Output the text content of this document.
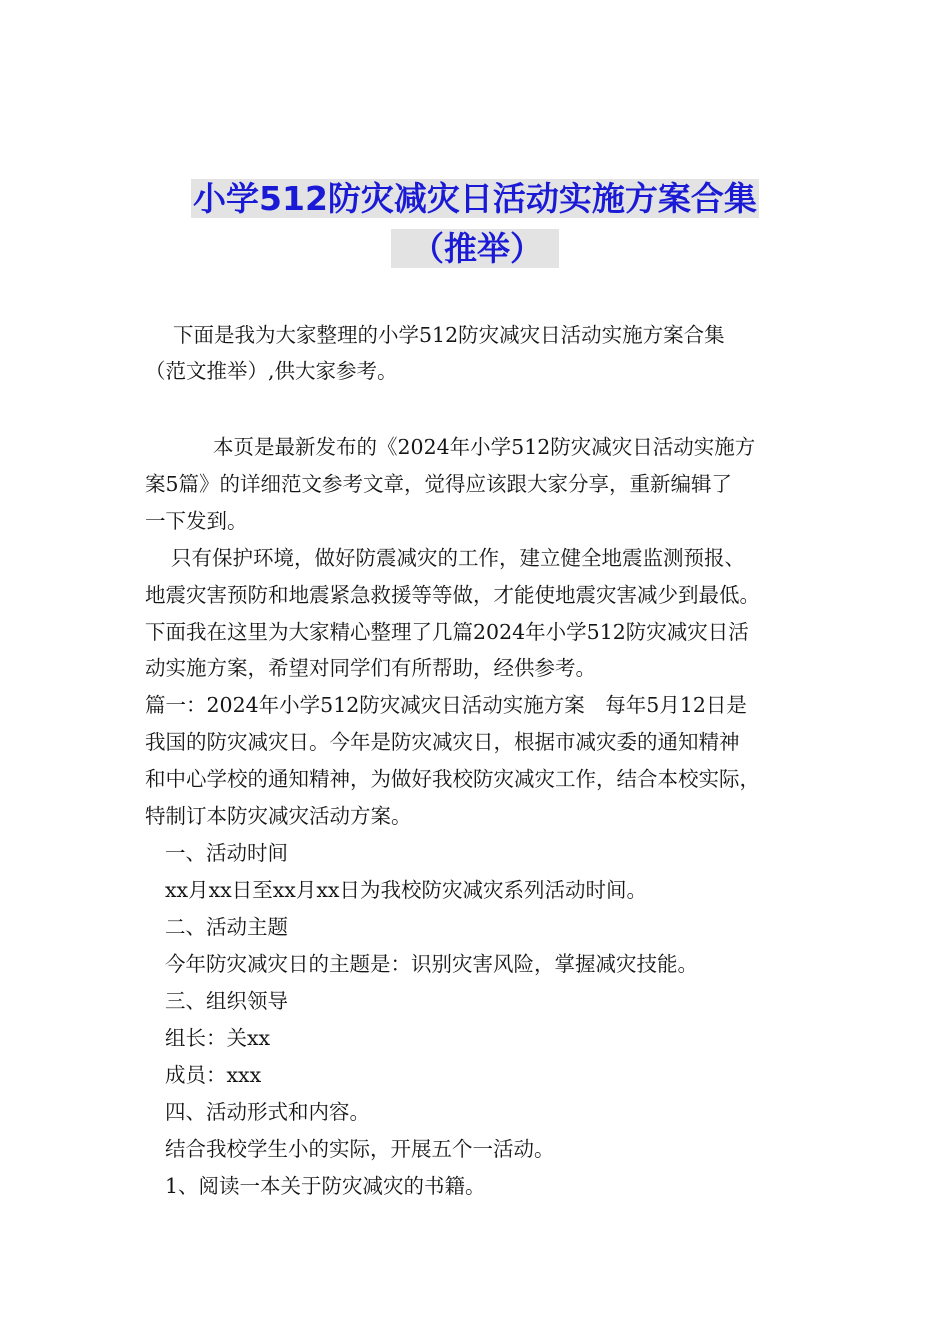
小学512防灾减灾日活动实施方案合集
（推举）
下面是我为大家整理的小学512防灾减灾日活动实施方案合集
（范文推举）,供大家参考。
本页是最新发布的《2024年小学512防灾减灾日活动实施方
案5篇》的详细范文参考文章，觉得应该跟大家分享，重新编辑了
一下发到。
只有保护环境，做好防震减灾的工作，建立健全地震监测预报、
地震灾害预防和地震紧急救援等等做，才能使地震灾害减少到最低。
下面我在这里为大家精心整理了几篇2024年小学512防灾减灾日活
动实施方案，希望对同学们有所帮助，经供参考。
篇一：2024年小学512防灾减灾日活动实施方案　每年5月12日是
我国的防灾减灾日。今年是防灾减灾日，根据市减灾委的通知精神
和中心学校的通知精神，为做好我校防灾减灾工作，结合本校实际，
特制订本防灾减灾活动方案。
一、活动时间
xx月xx日至xx月xx日为我校防灾减灾系列活动时间。
二、活动主题
今年防灾减灾日的主题是：识别灾害风险，掌握减灾技能。
三、组织领导
组长：关xx
成员：xxx
四、活动形式和内容。
结合我校学生小的实际，开展五个一活动。
1、阅读一本关于防灾减灾的书籍。
